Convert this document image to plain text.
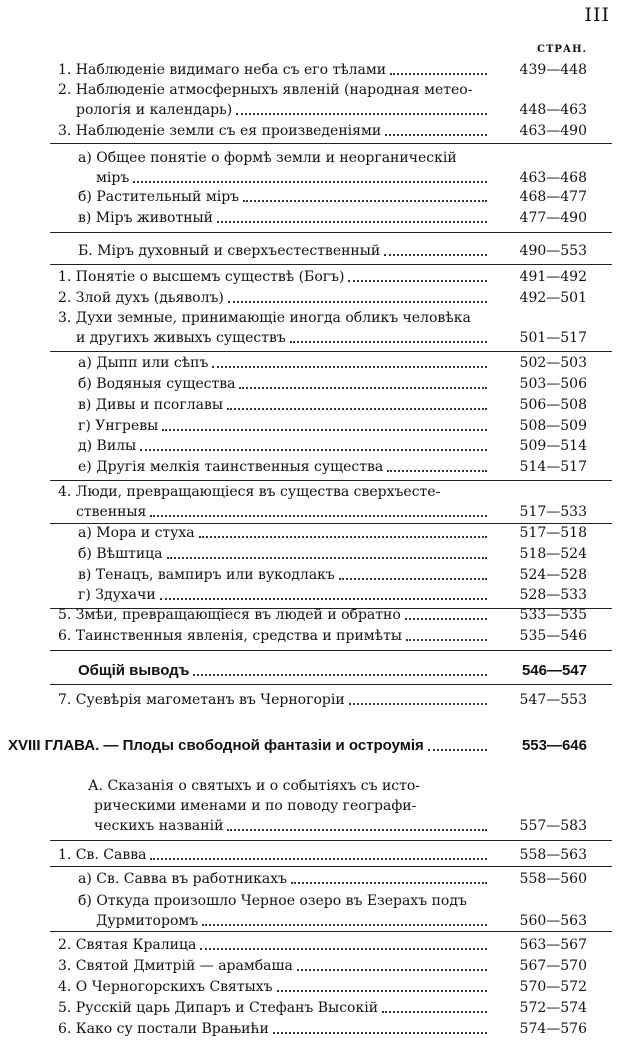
III
СТРАН.
1. Наблюденіе видимаго неба съ его тѣлами	439—448
2. Наблюденіе атмосферныхъ явленій (народная метео-
рологія и календарь)	448—463
3. Наблюденіе земли съ ея произведеніями	463—490
а) Общее понятіе о формѣ земли и неорганическій
міръ	463—468
б) Растительный міръ	468—477
в) Міръ животный	477—490
Б. Міръ духовный и сверхъестественный	490—553
1. Понятіе о высшемъ существѣ (Богъ)	491—492
2. Злой духъ (дьяволъ)	492—501
3. Духи земные, принимающіе иногда обликъ человѣка
и другихъ живыхъ существъ	501—517
а) Дыпп или сѣпъ	502—503
б) Водяныя существа	503—506
в) Дивы и псоглавы	506—508
г) Унгревы	508—509
д) Вилы	509—514
е) Другія мелкія таинственныя существа	514—517
4. Люди, превращающіеся въ существа сверхъесте-
ственныя	517—533
а) Мора и стуха	517—518
б) Вѣштица	518—524
в) Тенацъ, вампиръ или вукодлакъ	524—528
г) Здухачи	528—533
5. Змѣи, превращающіеся въ людей и обратно	533—535
6. Таинственныя явленія, средства и примѣты	535—546
Общій выводъ	546—547
7. Суевѣрія магометанъ въ Черногоріи	547—553
XVIII ГЛАВА. — Плоды свободной фантазіи и остроумія	553—646
А. Сказанія о святыхъ и о событіяхъ съ исто-
рическими именами и по поводу географи-
ческихъ названій	557—583
1. Св. Савва	558—563
а) Св. Савва въ работникахъ	558—560
б) Откуда произошло Черное озеро въ Езерахъ подъ
Дурмиторомъ	560—563
2. Святая Кралица	563—567
3. Святой Дмитрій — арамбаша	567—570
4. О Черногорскихъ Святыхъ	570—572
5. Русскій царь Дипаръ и Стефанъ Высокій	572—574
6. Како су постали Врањићи	574—576
